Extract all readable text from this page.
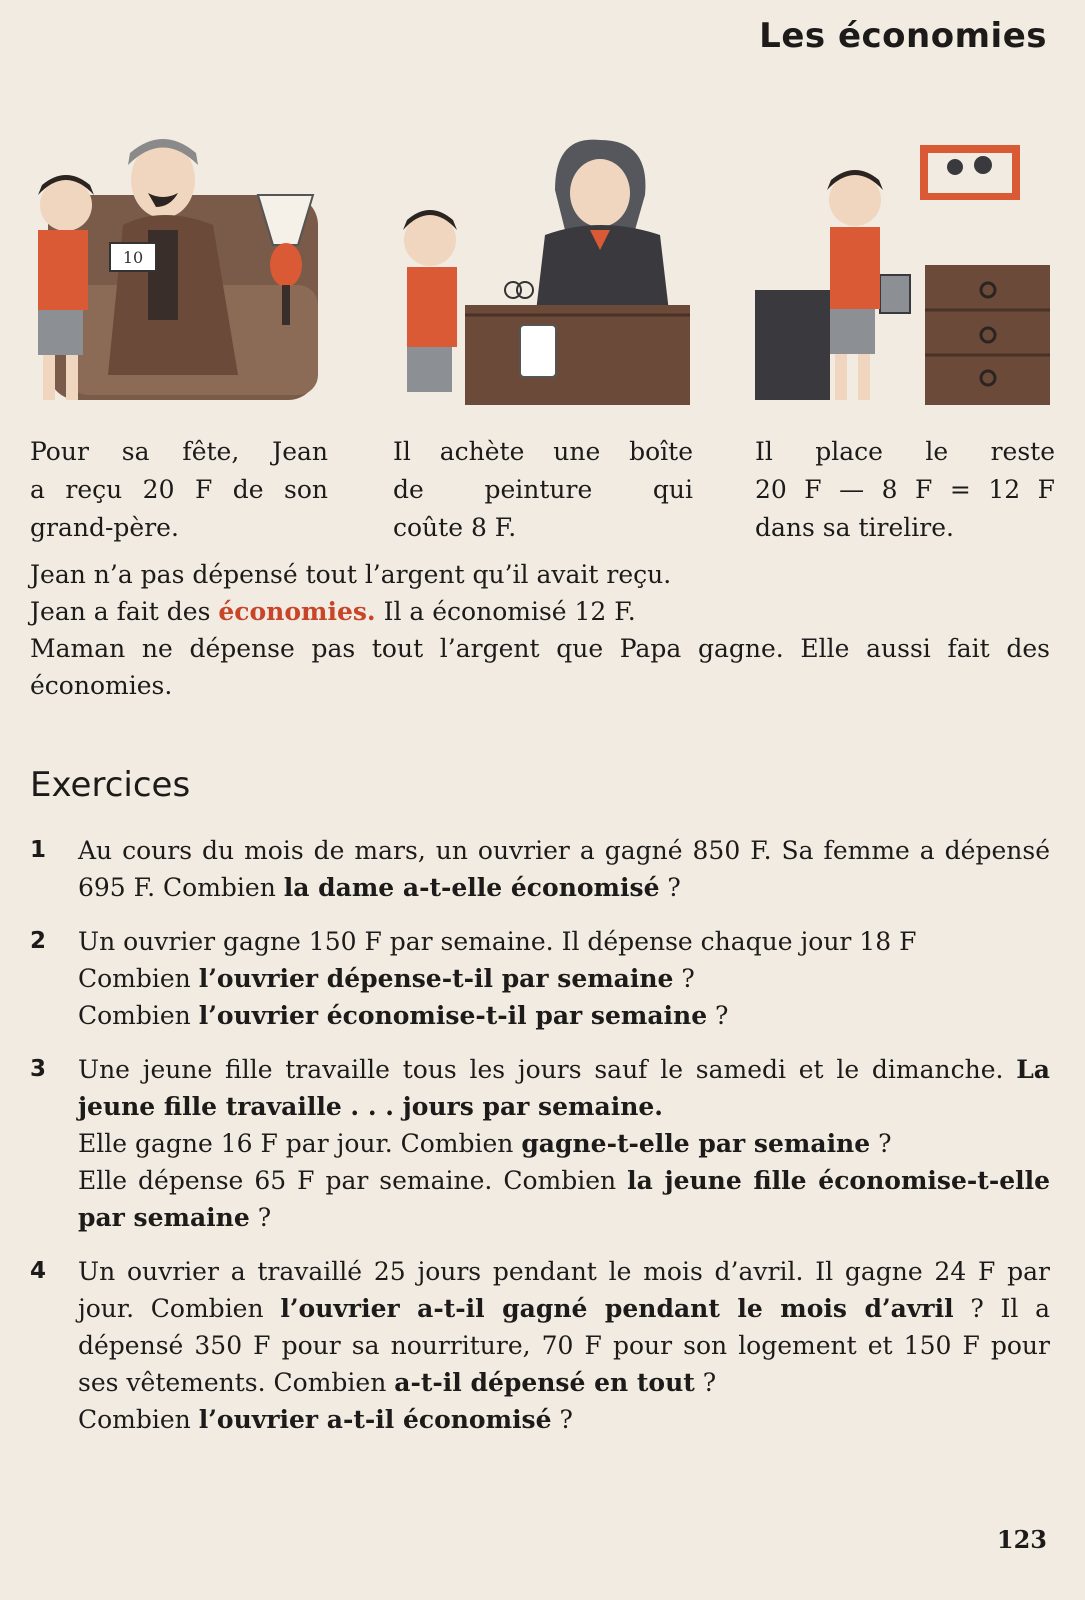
Les économies
10
Pour sa fête, Jean
a reçu 20 F de son
grand-père.
Il achète une boîte
de peinture qui
coûte 8 F.
Il place le reste
20 F — 8 F = 12 F
dans sa tirelire.

Jean n’a pas dépensé tout l’argent qu’il avait reçu.

Jean a fait des économies. Il a économisé 12 F.

Maman ne dépense pas tout l’argent que Papa gagne. Elle aussi fait des économies.

Exercices
1 Au cours du mois de mars, un ouvrier a gagné 850 F. Sa femme a dépensé 695 F. Combien la dame a-t-elle économisé ?
2 Un ouvrier gagne 150 F par semaine. Il dépense chaque jour 18 F
Combien l’ouvrier dépense-t-il par semaine ?
Combien l’ouvrier économise-t-il par semaine ?
3 Une jeune fille travaille tous les jours sauf le samedi et le dimanche. La jeune fille travaille . . . jours par semaine.
Elle gagne 16 F par jour. Combien gagne-t-elle par semaine ?
Elle dépense 65 F par semaine. Combien la jeune fille économise-t-elle par semaine ?
4 Un ouvrier a travaillé 25 jours pendant le mois d’avril. Il gagne 24 F par jour. Combien l’ouvrier a-t-il gagné pendant le mois d’avril ? Il a dépensé 350 F pour sa nourriture, 70 F pour son logement et 150 F pour ses vêtements. Combien a-t-il dépensé en tout ?
Combien l’ouvrier a-t-il économisé ?
123
